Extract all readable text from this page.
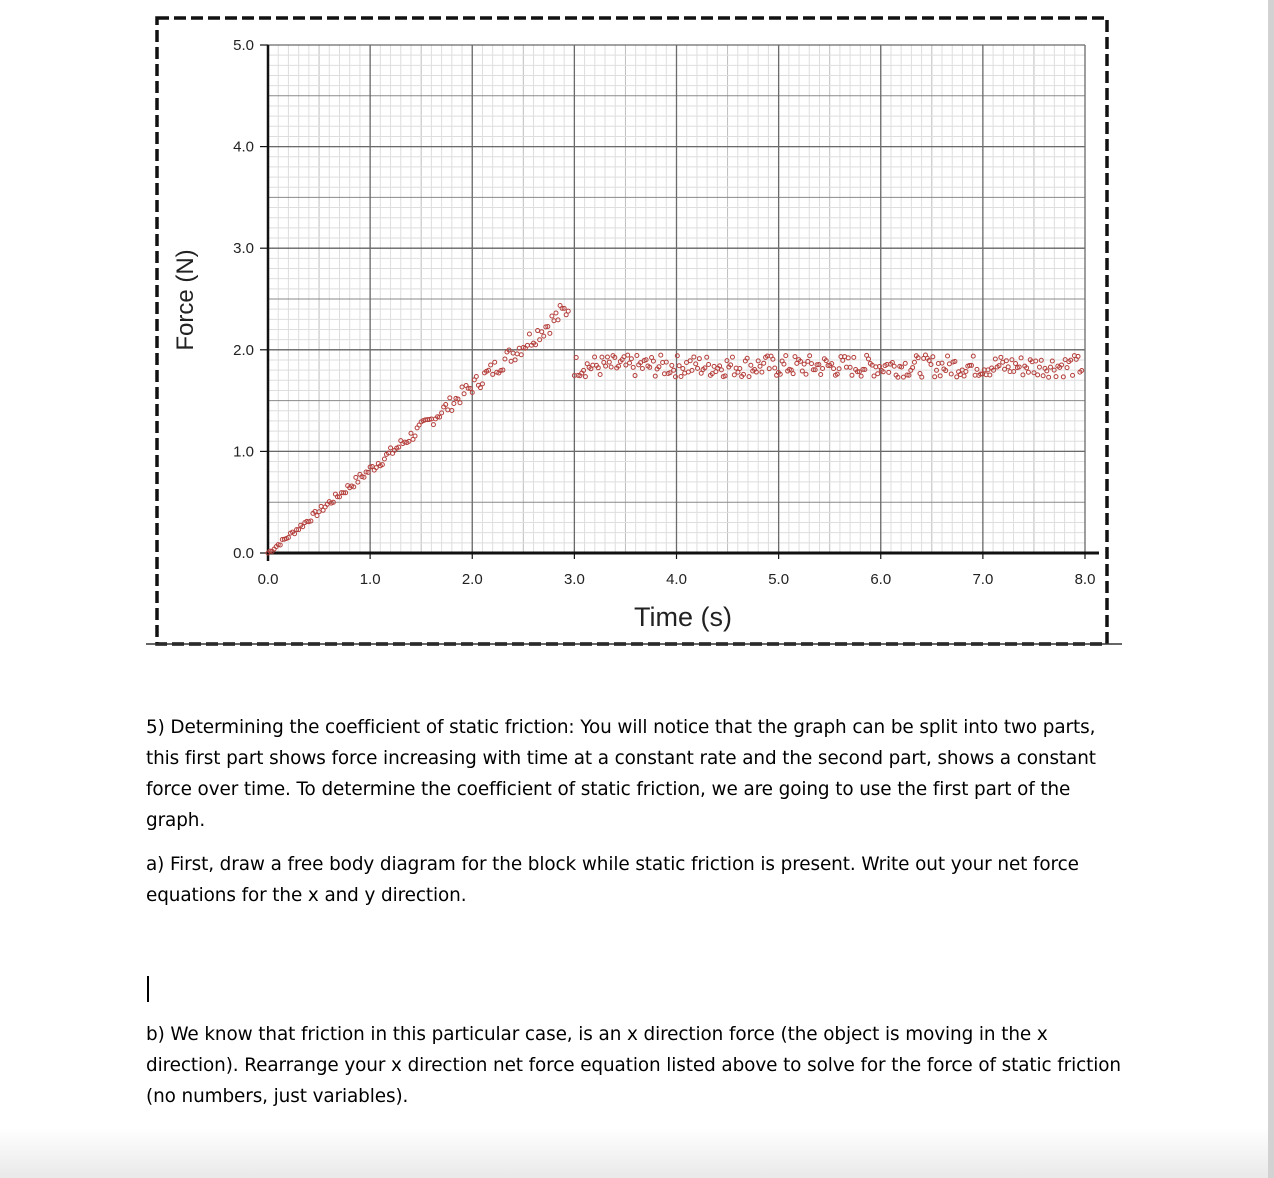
0.0	1.0	2.0	3.0	4.0	5.0	6.0	7.0	8.0
0.0
1.0
2.0
3.0
4.0
5.0
Time (s)
Force (N)

5) Determining the coefficient of static friction: You will notice that the graph can be split into two parts, this first part shows force increasing with time at a constant rate and the second part, shows a constant force over time. To determine the coefficient of static friction, we are going to use the first part of the graph.

a) First, draw a free body diagram for the block while static friction is present. Write out your net force equations for the x and y direction.

b) We know that friction in this particular case, is an x direction force (the object is moving in the x direction). Rearrange your x direction net force equation listed above to solve for the force of static friction (no numbers, just variables).
